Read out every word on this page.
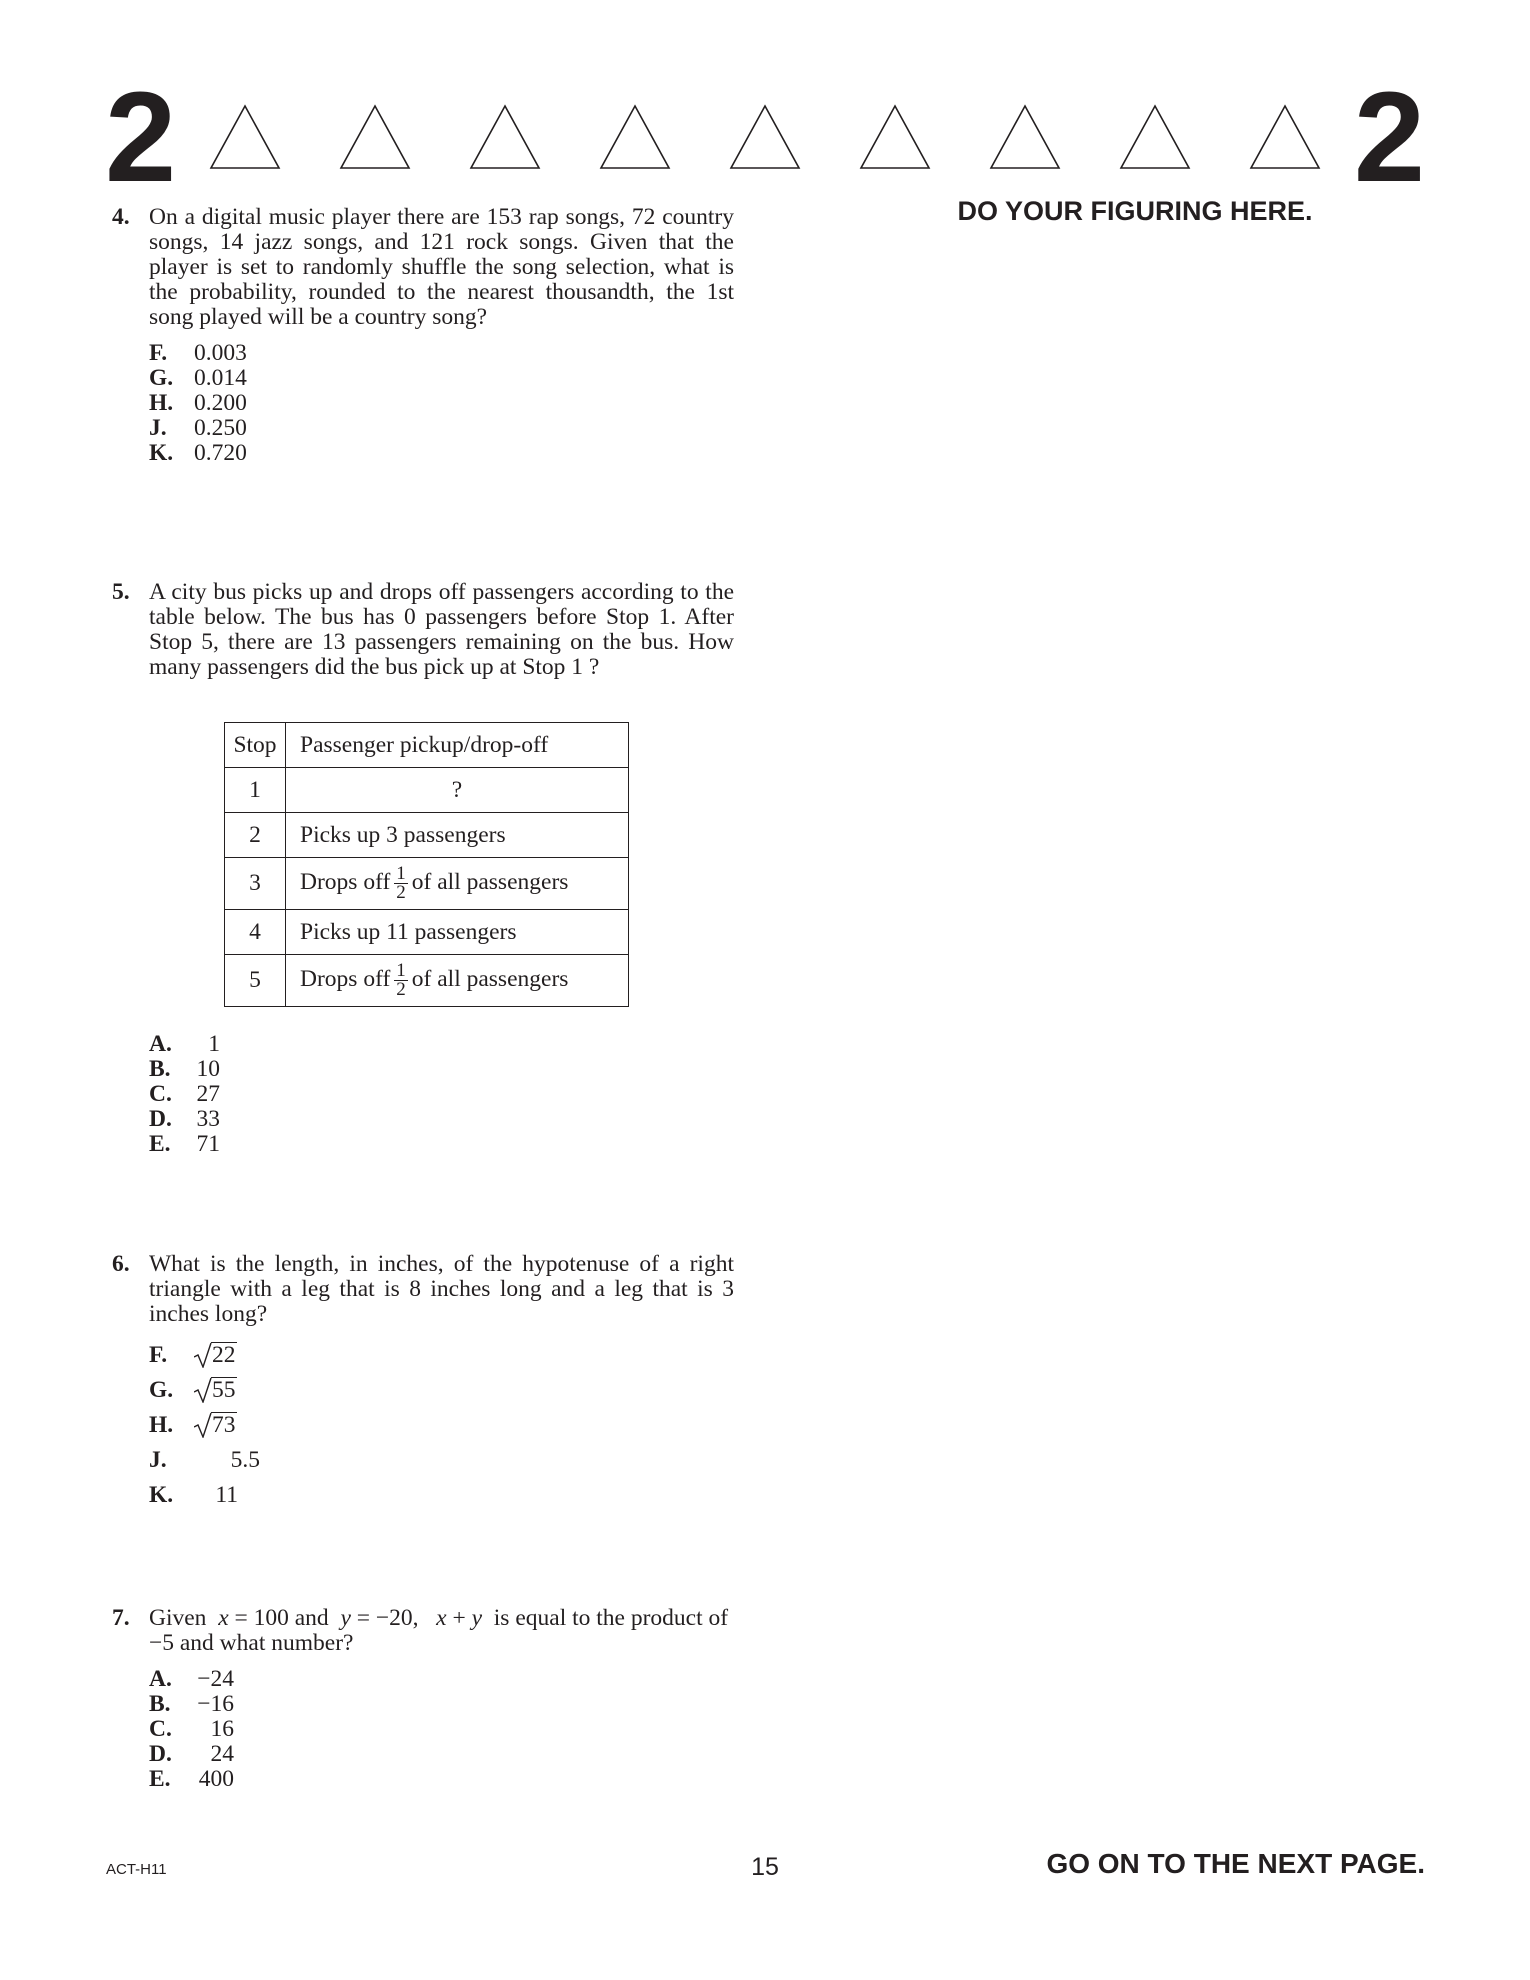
2	2
DO YOUR FIGURING HERE.
4. On a digital music player there are 153 rap songs, 72 country songs, 14 jazz songs, and 121 rock songs. Given that the player is set to randomly shuffle the song selection, what is the probability, rounded to the nearest thousandth, the 1st song played will be a country song?
F. 0.003
G. 0.014
H. 0.200
J. 0.250
K. 0.720
5. A city bus picks up and drops off passengers according to the table below. The bus has 0 passengers before Stop 1. After Stop 5, there are 13 passengers remaining on the bus. How many passengers did the bus pick up at Stop 1 ?
Stop	Passenger pickup/drop-off
1	?
2	Picks up 3 passengers
3	Drops off $\frac{1}{2}$ of all passengers
4	Picks up 11 passengers
5	Drops off $\frac{1}{2}$ of all passengers
A. 1
B. 10
C. 27
D. 33
E. 71
6. What is the length, in inches, of the hypotenuse of a right triangle with a leg that is 8 inches long and a leg that is 3 inches long?
F. 22
G. 55
H. 73
J.	5.5
K. 11
7. Given x = 100 and y = −20, x + y is equal to the product of −5 and what number?
A. −24
B. −16
C. 16
D. 24
E. 400
ACT-H11	15	GO ON TO THE NEXT PAGE.
